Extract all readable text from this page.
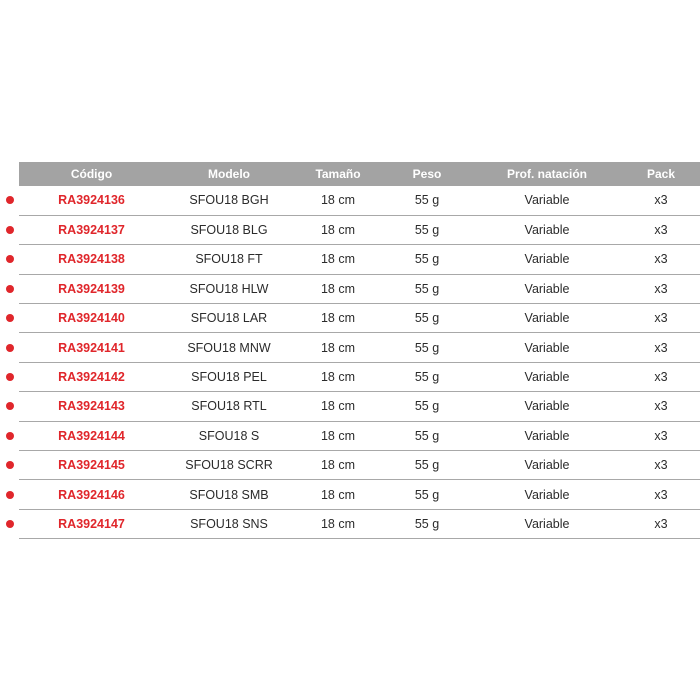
Código	Modelo	Tamaño	Peso	Prof. natación	Pack

RA3924136	SFOU18 BGH	18 cm	55 g	Variable	x3

RA3924137	SFOU18 BLG	18 cm	55 g	Variable	x3

RA3924138	SFOU18 FT	18 cm	55 g	Variable	x3

RA3924139	SFOU18 HLW	18 cm	55 g	Variable	x3

RA3924140	SFOU18 LAR	18 cm	55 g	Variable	x3

RA3924141	SFOU18 MNW	18 cm	55 g	Variable	x3

RA3924142	SFOU18 PEL	18 cm	55 g	Variable	x3

RA3924143	SFOU18 RTL	18 cm	55 g	Variable	x3

RA3924144	SFOU18 S	18 cm	55 g	Variable	x3

RA3924145	SFOU18 SCRR	18 cm	55 g	Variable	x3

RA3924146	SFOU18 SMB	18 cm	55 g	Variable	x3

RA3924147	SFOU18 SNS	18 cm	55 g	Variable	x3
